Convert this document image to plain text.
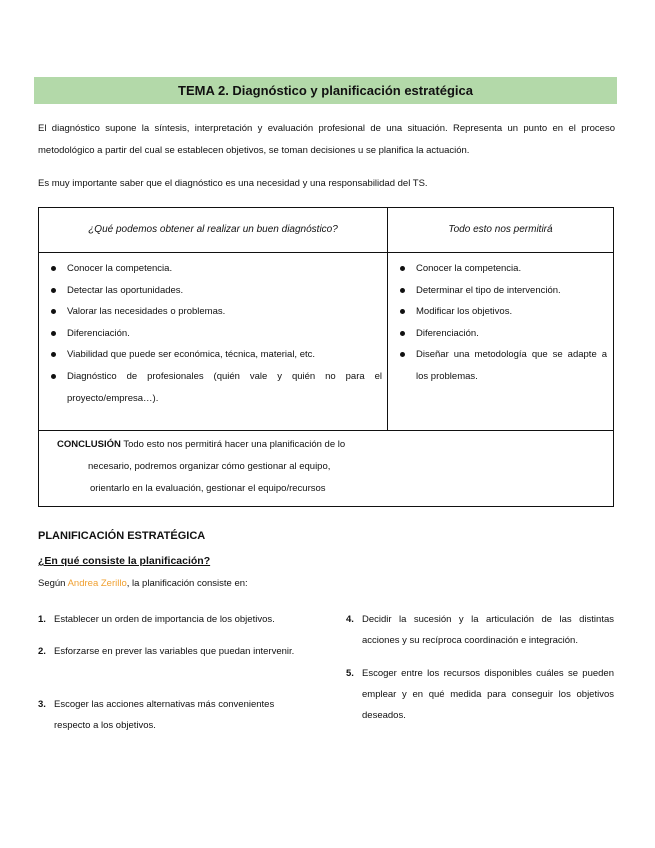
TEMA 2. Diagnóstico y planificación estratégica

El diagnóstico supone la síntesis, interpretación y evaluación profesional de una situación. Representa un punto en el proceso metodológico a partir del cual se establecen objetivos, se toman decisiones u se planifica la actuación.

Es muy importante saber que el diagnóstico es una necesidad y una responsabilidad del TS.

¿Qué podemos obtener al realizar un buen diagnóstico?	Todo esto nos permitirá
Conocer la competencia.
Detectar las oportunidades.
Valorar las necesidades o problemas.
Diferenciación.
Viabilidad que puede ser económica, técnica, material, etc.
Diagnóstico de profesionales (quién vale y quién no para el proyecto/empresa…).
Conocer la competencia.
Determinar el tipo de intervención.
Modificar los objetivos.
Diferenciación.
Diseñar una metodología que se adapte a los problemas.
CONCLUSIÓN Todo esto nos permitirá hacer una planificación de lo
necesario, podremos organizar cómo gestionar al equipo,
orientarlo en la evaluación, gestionar el equipo/recursos
PLANIFICACIÓN ESTRATÉGICA
¿En qué consiste la planificación?
Según Andrea Zerillo, la planificación consiste en:
1. Establecer un orden de importancia de los objetivos.
2. Esforzarse en prever las variables que puedan intervenir.
3. Escoger las acciones alternativas más convenientes respecto a los objetivos.
4. Decidir la sucesión y la articulación de las distintas acciones y su recíproca coordinación e integración.
5. Escoger entre los recursos disponibles cuáles se pueden emplear y en qué medida para conseguir los objetivos deseados.
